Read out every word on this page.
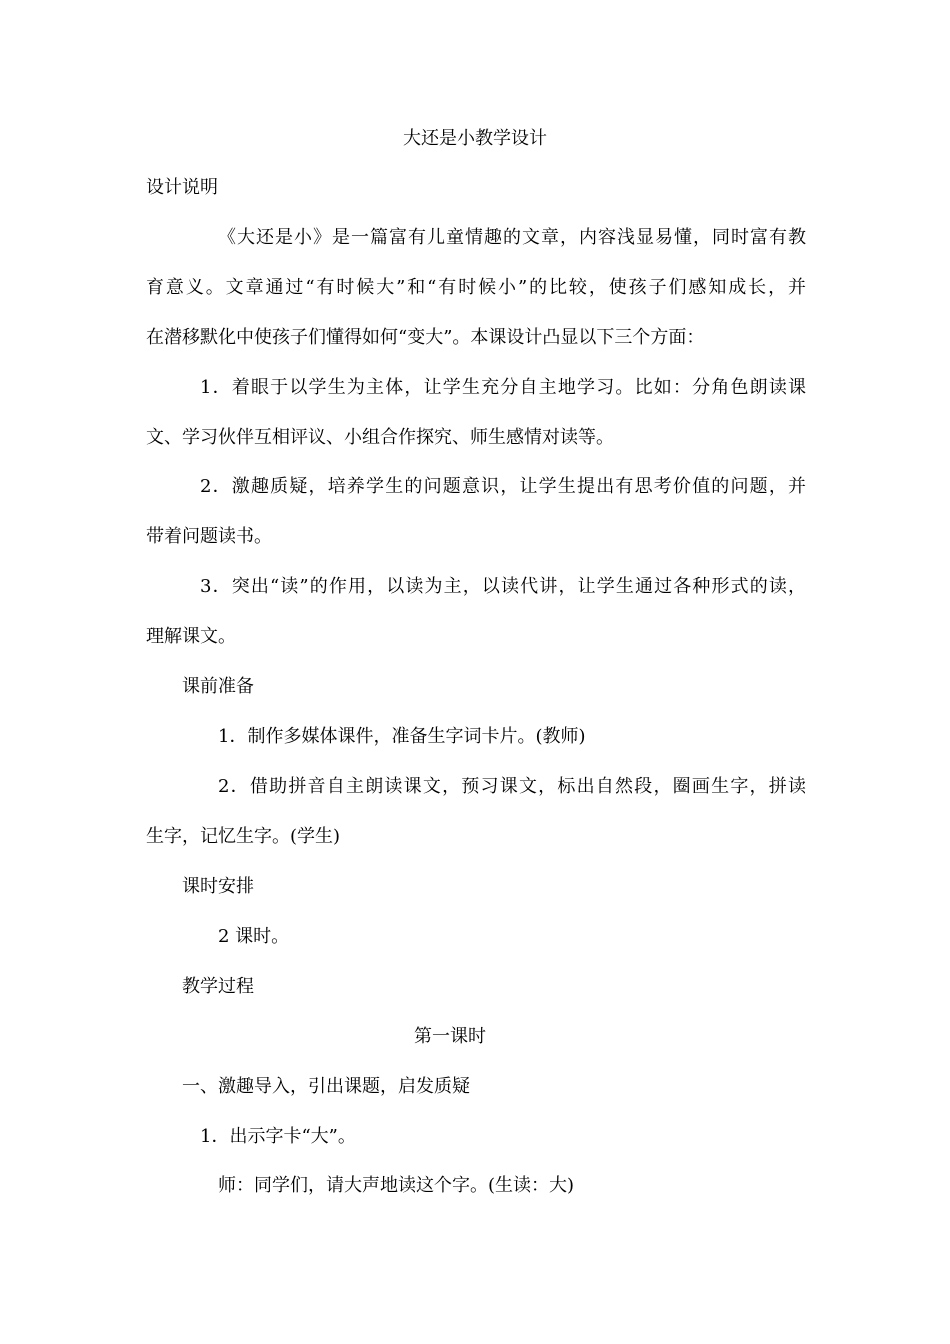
大还是小教学设计
设计说明
《大还是小》是一篇富有儿童情趣的文章，内容浅显易懂，同时富有教
育意义。文章通过“有时候大”和“有时候小”的比较，使孩子们感知成长，并
在潜移默化中使孩子们懂得如何“变大”。本课设计凸显以下三个方面：
1．着眼于以学生为主体，让学生充分自主地学习。比如：分角色朗读课
文、学习伙伴互相评议、小组合作探究、师生感情对读等。
2．激趣质疑，培养学生的问题意识，让学生提出有思考价值的问题，并
带着问题读书。
3．突出“读”的作用，以读为主，以读代讲，让学生通过各种形式的读，
理解课文。
课前准备
1．制作多媒体课件，准备生字词卡片。(教师)
2．借助拼音自主朗读课文，预习课文，标出自然段，圈画生字，拼读
生字，记忆生字。(学生)
课时安排
2 课时。
教学过程
第一课时
一、激趣导入，引出课题，启发质疑
1．出示字卡“大”。
师：同学们，请大声地读这个字。(生读：大)
